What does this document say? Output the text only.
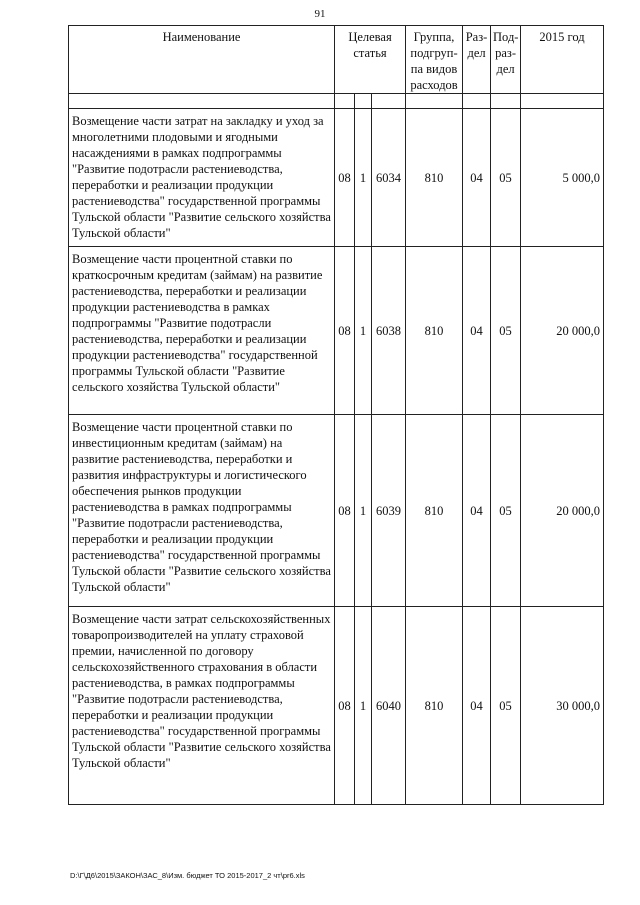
91
Наименование	Целевая статья			Группа, подгруп- па видов расходов	Раз- дел	Под- раз- дел	2015 год

Возмещение части затрат на закладку и уход за многолетними плодовыми и ягодными насаждениями в рамках подпрограммы "Развитие подотрасли растениеводства, переработки и реализации продукции растениеводства" государственной программы Тульской области "Развитие сельского хозяйства Тульской области"	08	1	6034	810	04	05	5 000,0
Возмещение части процентной ставки по краткосрочным кредитам (займам) на развитие растениеводства, переработки и реализации продукции растениеводства в рамках подпрограммы "Развитие подотрасли растениеводства, переработки и реализации продукции растениеводства" государственной программы Тульской области "Развитие сельского хозяйства Тульской области"	08	1	6038	810	04	05	20 000,0
Возмещение части процентной ставки по инвестиционным кредитам (займам) на развитие растениеводства, переработки и развития инфраструктуры и логистического обеспечения рынков продукции растениеводства в рамках подпрограммы "Развитие подотрасли растениеводства, переработки и реализации продукции растениеводства" государственной программы Тульской области "Развитие сельского хозяйства Тульской области"	08	1	6039	810	04	05	20 000,0
Возмещение части затрат сельскохозяйственных товаропроизводителей на уплату страховой премии, начисленной по договору сельскохозяйственного страхования в области растениеводства, в рамках подпрограммы "Развитие подотрасли растениеводства, переработки и реализации продукции растениеводства" государственной программы Тульской области "Развитие сельского хозяйства Тульской области"	08	1	6040	810	04	05	30 000,0
D:\Г\Д6\2015\ЗАКОН\ЗАС_8\Изм. бюджет ТО 2015-2017_2 чт\pr6.xls
